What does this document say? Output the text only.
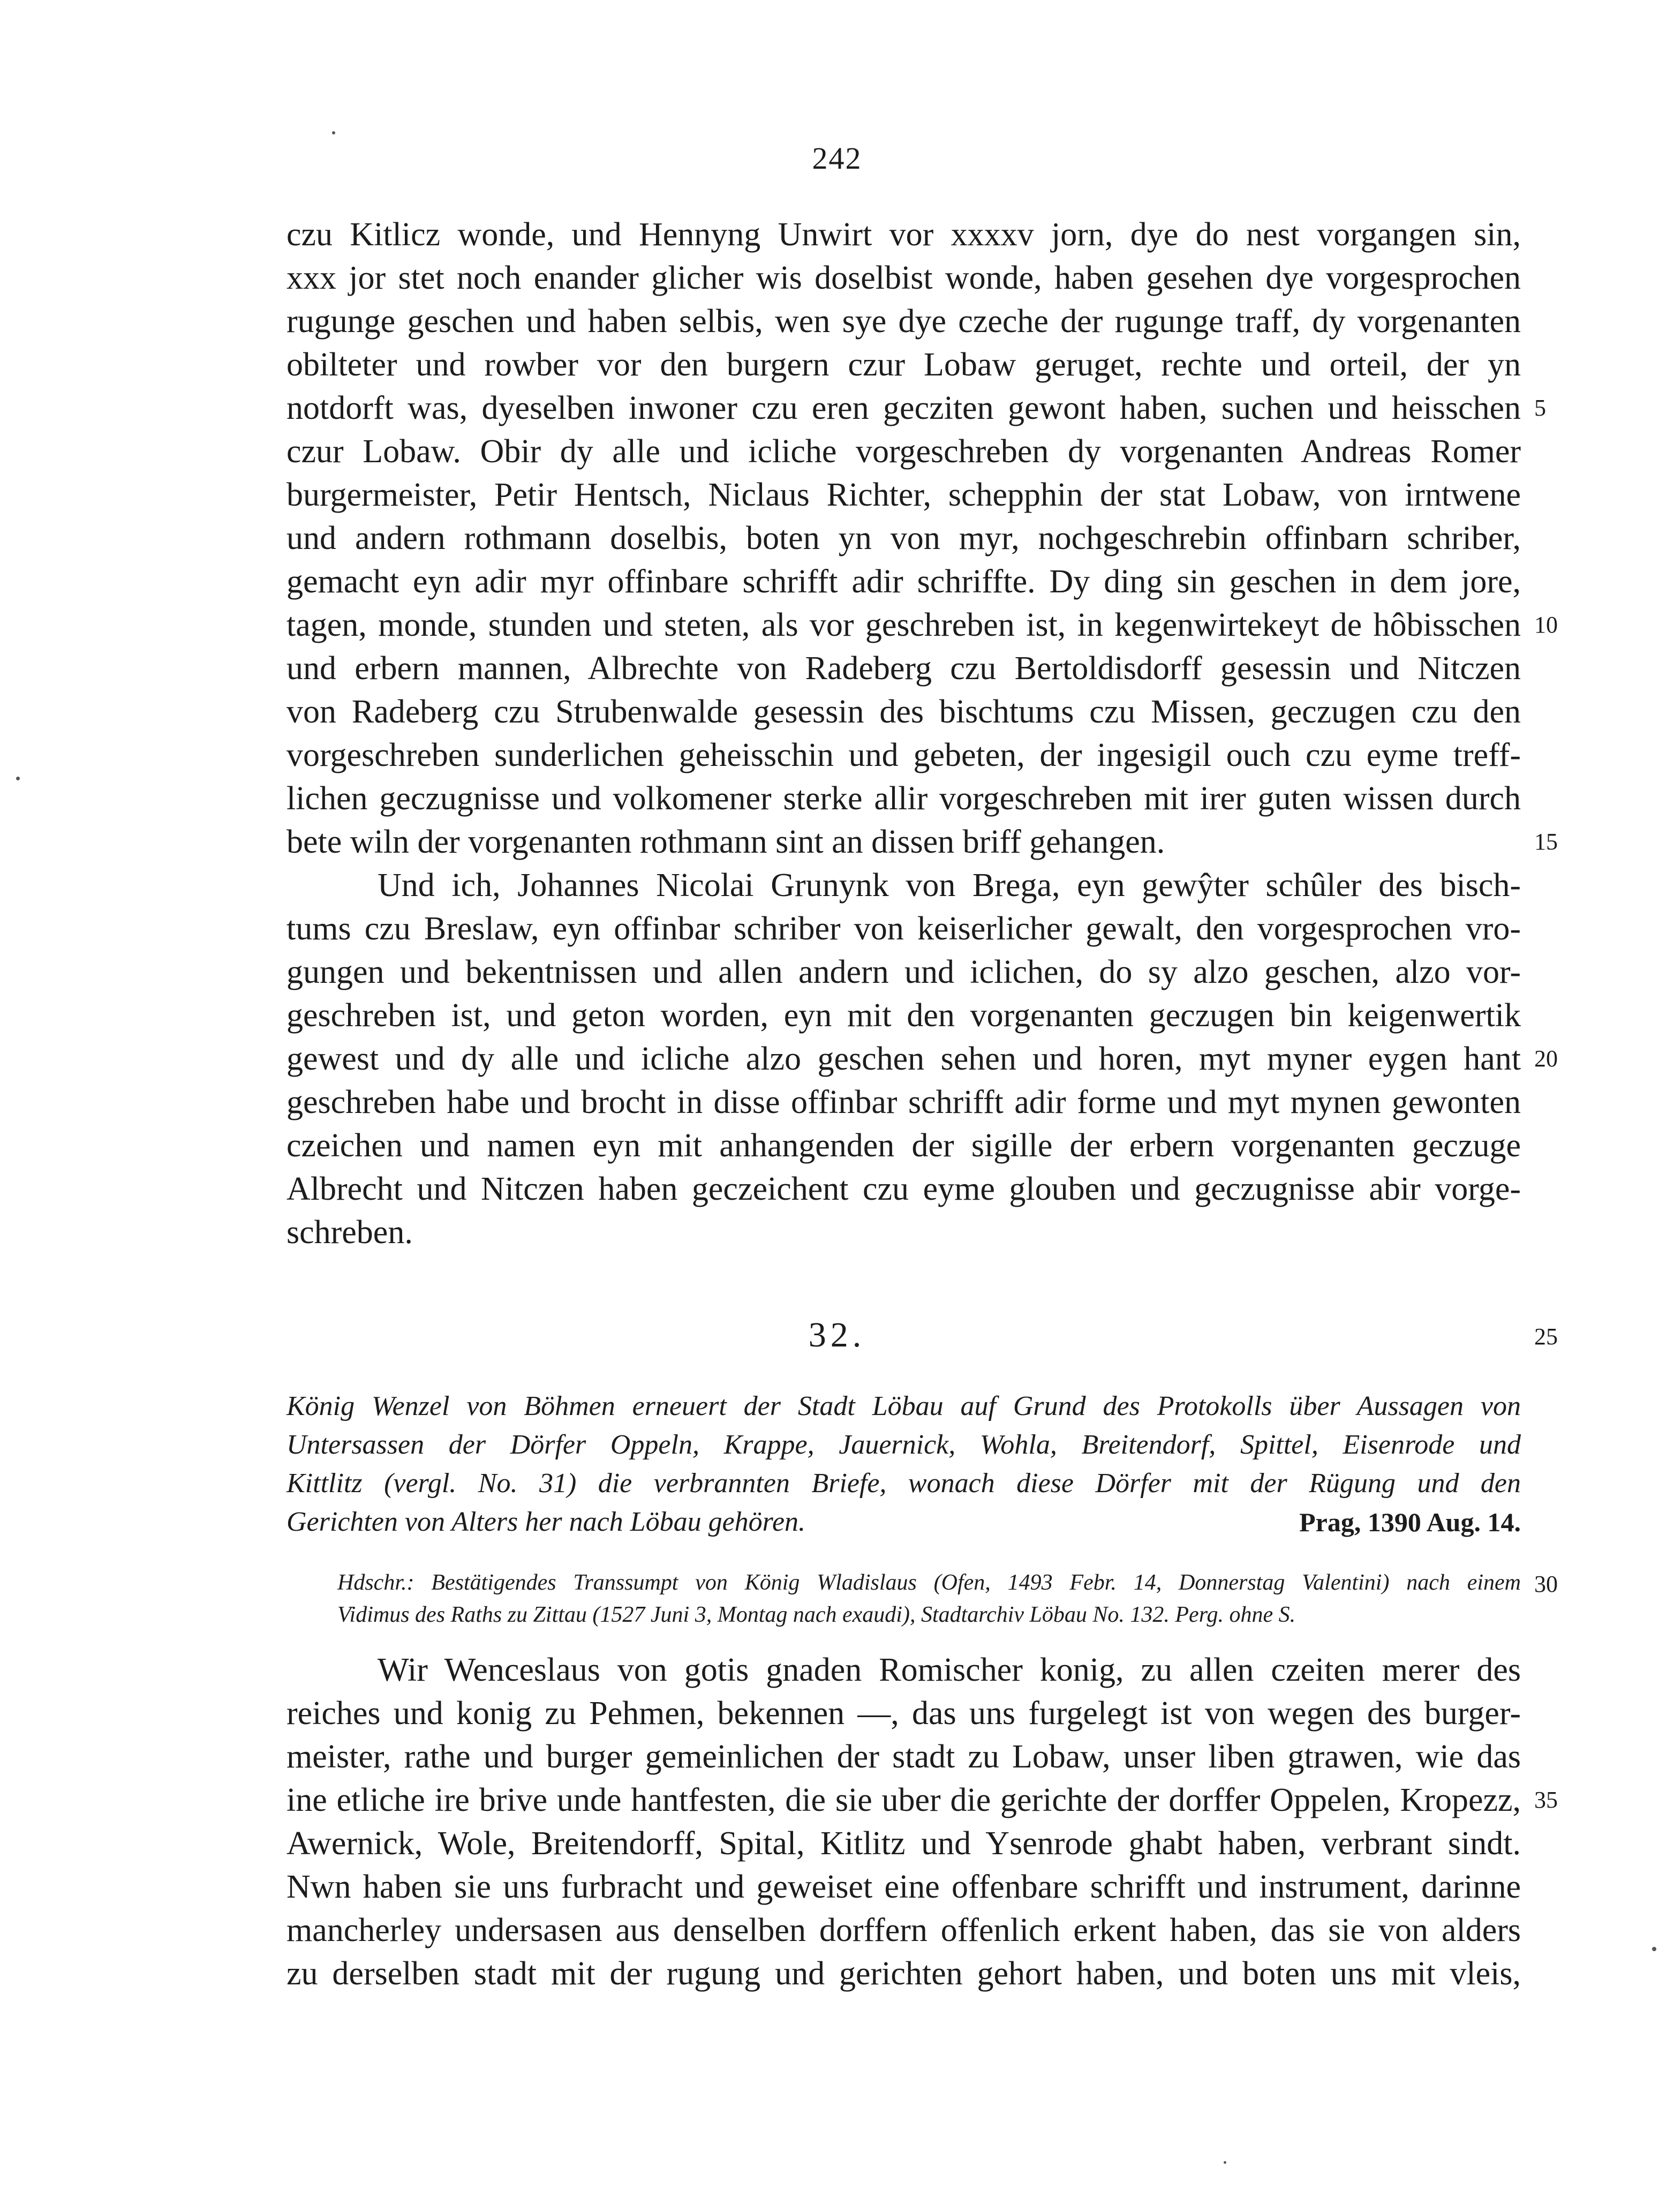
242
czu Kitlicz wonde, und Hennyng Unwirt vor xxxxv jorn, dye do nest vorgangen sin,
xxx jor stet noch enander glicher wis doselbist wonde, haben gesehen dye vorgesprochen
rugunge geschen und haben selbis, wen sye dye czeche der rugunge traff, dy vorgenanten
obilteter und rowber vor den burgern czur Lobaw geruget, rechte und orteil, der yn
notdorft was, dyeselben inwoner czu eren gecziten gewont haben, suchen und heisschen
czur Lobaw. Obir dy alle und icliche vorgeschreben dy vorgenanten Andreas Romer
burgermeister, Petir Hentsch, Niclaus Richter, schepphin der stat Lobaw, von irntwene
und andern rothmann doselbis, boten yn von myr, nochgeschrebin offinbarn schriber,
gemacht eyn adir myr offinbare schrifft adir schriffte. Dy ding sin geschen in dem jore,
tagen, monde, stunden und steten, als vor geschreben ist, in kegenwirtekeyt de hôbisschen
und erbern mannen, Albrechte von Radeberg czu Bertoldisdorff gesessin und Nitczen
von Radeberg czu Strubenwalde gesessin des bischtums czu Missen, geczugen czu den
vorgeschreben sunderlichen geheisschin und gebeten, der ingesigil ouch czu eyme treff-
lichen geczugnisse und volkomener sterke allir vorgeschreben mit irer guten wissen durch
bete wiln der vorgenanten rothmann sint an dissen briff gehangen.
Und ich, Johannes Nicolai Grunynk von Brega, eyn gewŷter schûler des bisch-
tums czu Breslaw, eyn offinbar schriber von keiserlicher gewalt, den vorgesprochen vro-
gungen und bekentnissen und allen andern und iclichen, do sy alzo geschen, alzo vor-
geschreben ist, und geton worden, eyn mit den vorgenanten geczugen bin keigenwertik
gewest und dy alle und icliche alzo geschen sehen und horen, myt myner eygen hant
geschreben habe und brocht in disse offinbar schrifft adir forme und myt mynen gewonten
czeichen und namen eyn mit anhangenden der sigille der erbern vorgenanten geczuge
Albrecht und Nitczen haben geczeichent czu eyme glouben und geczugnisse abir vorge-
schreben.
5
10
15
20
32.	25
König Wenzel von Böhmen erneuert der Stadt Löbau auf Grund des Protokolls über Aussagen von
Untersassen der Dörfer Oppeln, Krappe, Jauernick, Wohla, Breitendorf, Spittel, Eisenrode und
Kittlitz (vergl. No. 31) die verbrannten Briefe, wonach diese Dörfer mit der Rügung und den
Gerichten von Alters her nach Löbau gehören.	Prag, 1390 Aug. 14.
Hdschr.: Bestätigendes Transsumpt von König Wladislaus (Ofen, 1493 Febr. 14, Donnerstag Valentini) nach einem
Vidimus des Raths zu Zittau (1527 Juni 3, Montag nach exaudi), Stadtarchiv Löbau No. 132. Perg. ohne S.
30
Wir Wenceslaus von gotis gnaden Romischer konig, zu allen czeiten merer des
reiches und konig zu Pehmen, bekennen —, das uns furgelegt ist von wegen des burger-
meister, rathe und burger gemeinlichen der stadt zu Lobaw, unser liben gtrawen, wie das
ine etliche ire brive unde hantfesten, die sie uber die gerichte der dorffer Oppelen, Kropezz,
Awernick, Wole, Breitendorff, Spital, Kitlitz und Ysenrode ghabt haben, verbrant sindt.
Nwn haben sie uns furbracht und geweiset eine offenbare schrifft und instrument, darinne
mancherley undersasen aus denselben dorffern offenlich erkent haben, das sie von alders
zu derselben stadt mit der rugung und gerichten gehort haben, und boten uns mit vleis,
35
